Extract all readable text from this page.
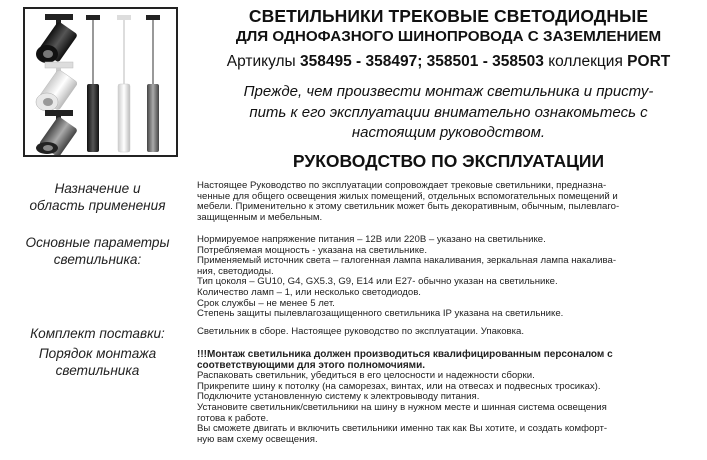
СВЕТИЛЬНИКИ ТРЕКОВЫЕ СВЕТОДИОДНЫЕ
ДЛЯ ОДНОФАЗНОГО ШИНОПРОВОДА С ЗАЗЕМЛЕНИЕМ
Артикулы 358495 - 358497; 358501 - 358503 коллекция PORT
Прежде, чем произвести монтаж светильника и присту-
пить к его эксплуатации внимательно ознакомьтесь с
настоящим руководством.
РУКОВОДСТВО ПО ЭКСПЛУАТАЦИИ
Назначение и
область применения

Настоящее Руководство по эксплуатации сопровождает трековые светильники, предназна-

ченные для общего освещения жилых помещений, отдельных вспомогательных помещений и

мебели. Применительно к этому светильник может быть декоративным, обычным, пылевлаго-

защищенным и мебельным.

Основные параметры
светильника:

Нормируемое напряжение питания – 12В или 220В – указано на светильнике.

Потребляемая мощность - указана на светильнике.

Применяемый источник света – галогенная лампа накаливания, зеркальная лампа накалива-

ния, светодиоды.

Тип цоколя – GU10, G4, GX5.3, G9, E14 или E27- обычно указан на светильнике.

Количество ламп – 1, или несколько светодиодов.

Срок службы – не менее 5 лет.

Степень защиты пылевлагозащищенного светильника IP указана на светильнике.

Комплект поставки:	Светильник в сборе. Настоящее руководство по эксплуатации. Упаковка.

Порядок монтажа
светильника

!!!Монтаж светильника должен производиться квалифицированным персоналом с

соответствующими для этого полномочиями.

Распаковать светильник, убедиться в его целосности и надежности сборки.

Прикрепите шину к потолку (на саморезах, винтах, или на отвесах и подвесных тросиках).

Подключите установленную систему к электровыводу питания.

Установите светильник/светильники на шину в нужном месте и шинная система освещения

готова к работе.

Вы сможете двигать и включить светильники именно так как Вы хотите, и создать комфорт-

ную вам схему освещения.
